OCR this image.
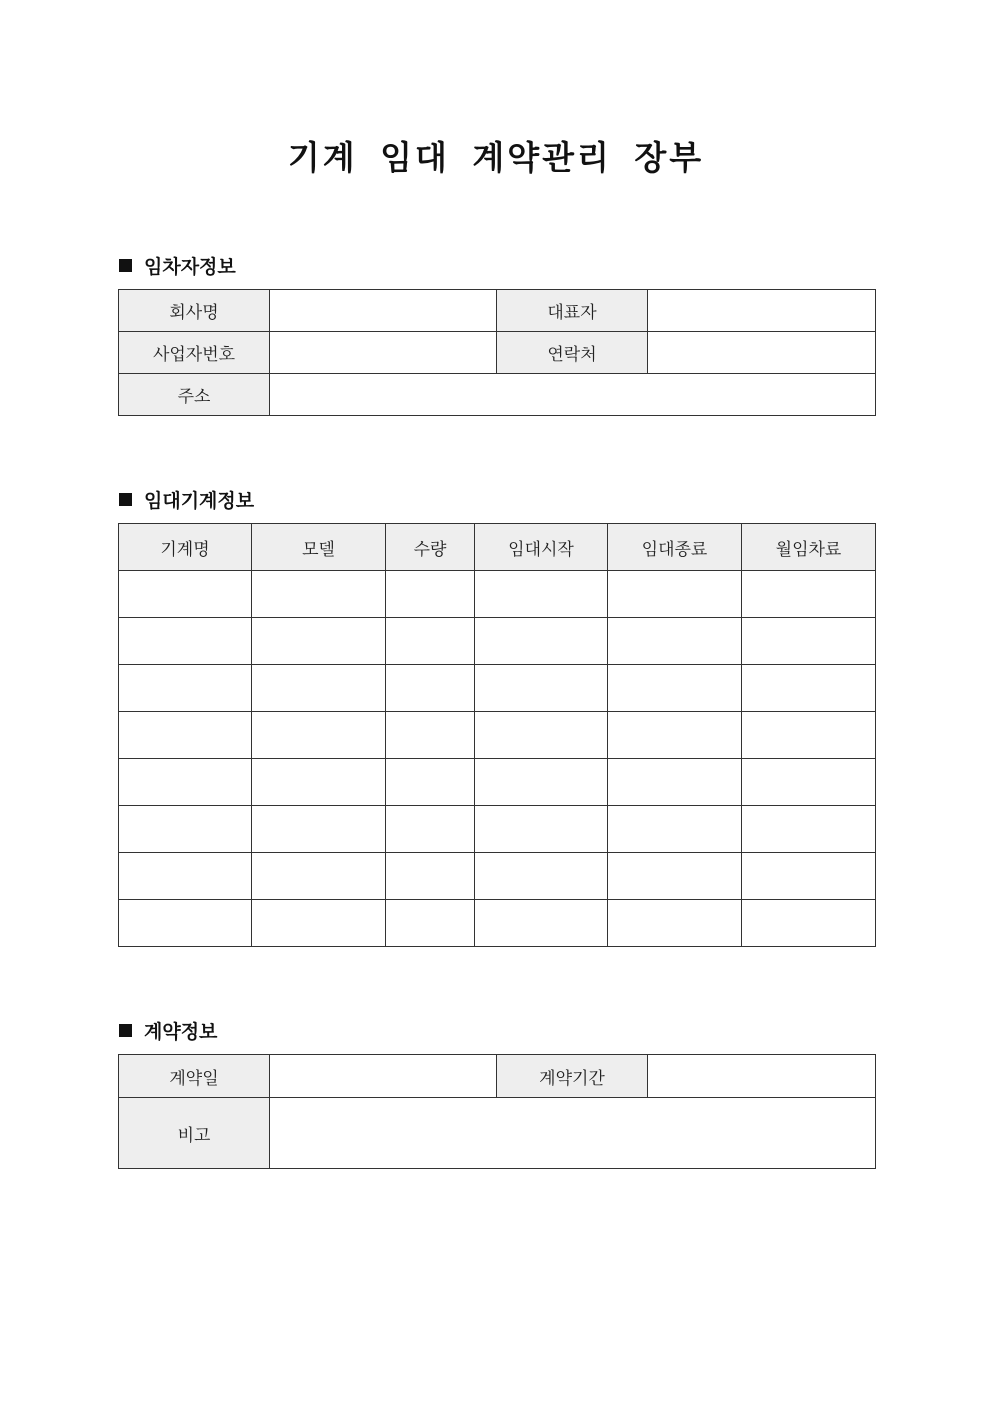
기계 임대 계약관리 장부
임차자정보
회사명		대표자	
사업자번호		연락처	
주소			
임대기계정보
기계명	모델	수량	임대시작	임대종료	월임차료

계약정보
계약일		계약기간	
비고			
